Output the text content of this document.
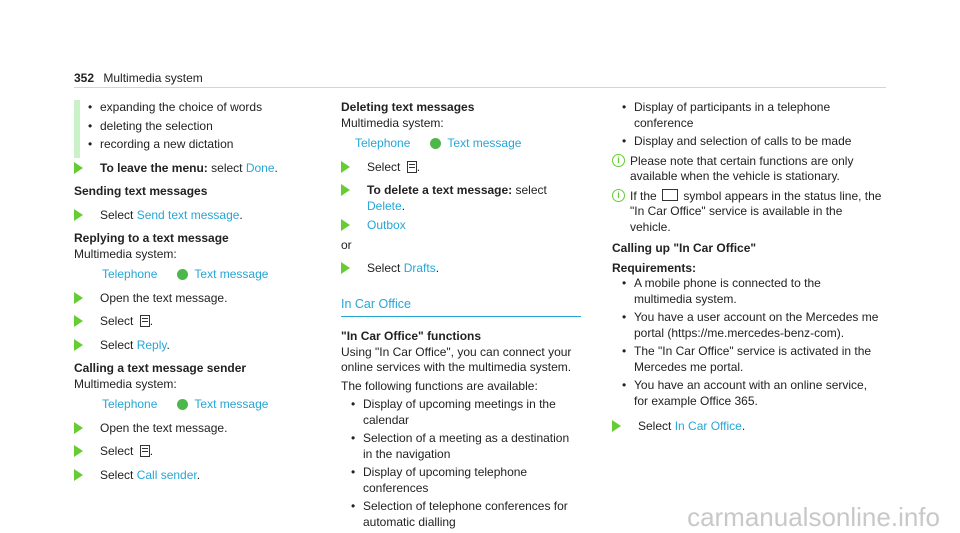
352 Multimedia system
• expanding the choice of words
• deleting the selection
• recording a new dictation
To leave the menu: select Done.
Sending text messages
Select Send text message.
Replying to a text message
Multimedia system:
Telephone	Text message
Open the text message.
Select .
Select Reply.
Calling a text message sender
Multimedia system:
Telephone	Text message
Open the text message.
Select .
Select Call sender.
Deleting text messages
Multimedia system:
Telephone	Text message
Select .
To delete a text message: select Delete.
Outbox
or
Select Drafts.
In Car Office
"In Car Office" functions
Using "In Car Office", you can connect your online services with the multimedia system.
The following functions are available:
• Display of upcoming meetings in the calendar
• Selection of a meeting as a destination in the navigation
• Display of upcoming telephone conferences
• Selection of telephone conferences for automatic dialling
• Display of participants in a telephone conference
• Display and selection of calls to be made
i Please note that certain functions are only available when the vehicle is stationary.
i If the  symbol appears in the status line, the "In Car Office" service is available in the vehicle.
Calling up "In Car Office"
Requirements:
• A mobile phone is connected to the multimedia system.
• You have a user account on the Mercedes me portal (https://me.mercedes-benz-com).
• The "In Car Office" service is activated in the Mercedes me portal.
• You have an account with an online service, for example Office 365.
Select In Car Office.
carmanualsonline.info
